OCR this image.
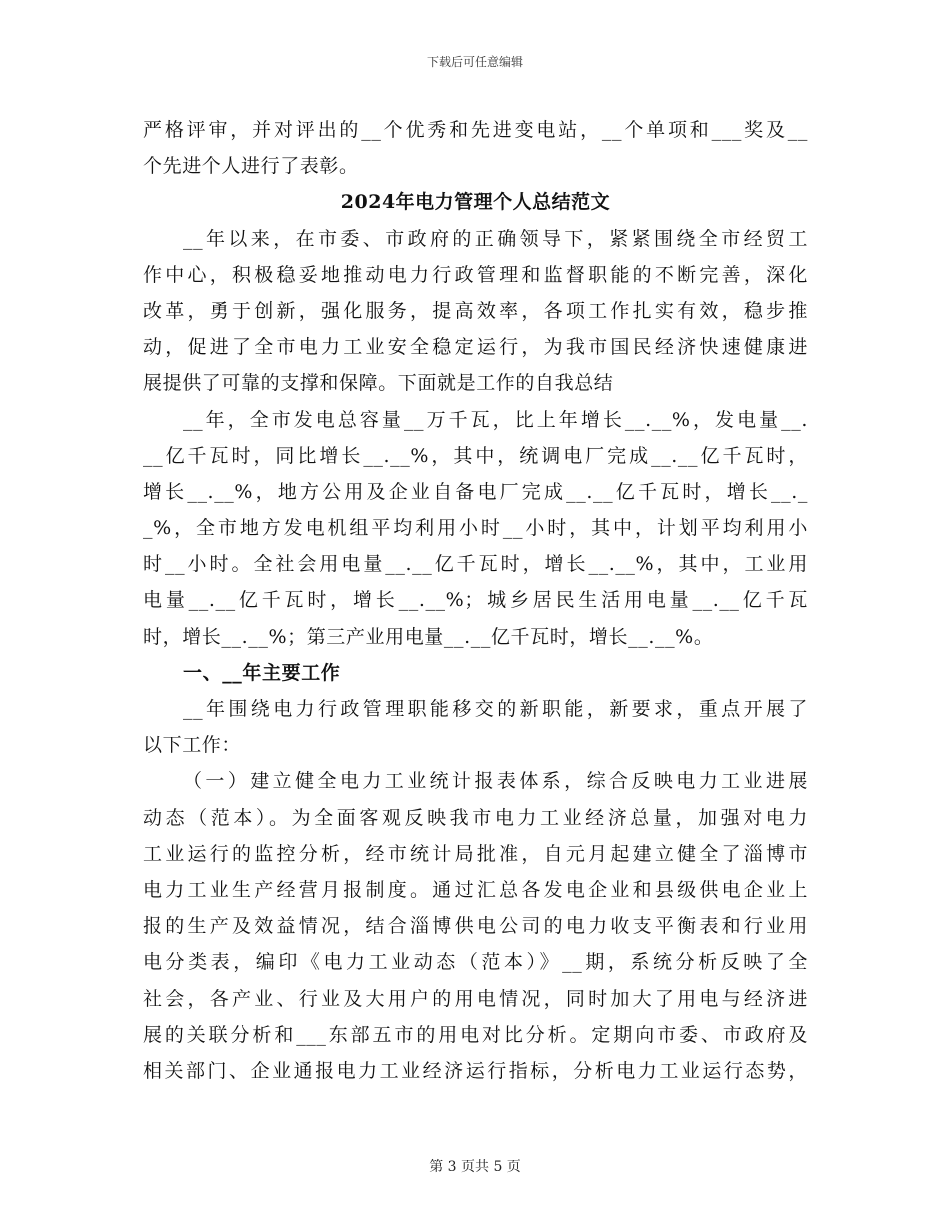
下载后可任意编辑
严格评审，并对评出的__个优秀和先进变电站，__个单项和___奖及__
个先进个人进行了表彰。
2024年电力管理个人总结范文
__年以来，在市委、市政府的正确领导下，紧紧围绕全市经贸工
作中心，积极稳妥地推动电力行政管理和监督职能的不断完善，深化
改革，勇于创新，强化服务，提高效率，各项工作扎实有效，稳步推
动，促进了全市电力工业安全稳定运行，为我市国民经济快速健康进
展提供了可靠的支撑和保障。下面就是工作的自我总结
__年，全市发电总容量__万千瓦，比上年增长__.__%，发电量__.
__亿千瓦时，同比增长__.__%，其中，统调电厂完成__.__亿千瓦时，
增长__.__%，地方公用及企业自备电厂完成__.__亿千瓦时，增长__._
_%，全市地方发电机组平均利用小时__小时，其中，计划平均利用小
时__小时。全社会用电量__.__亿千瓦时，增长__.__%，其中，工业用
电量__.__亿千瓦时，增长__.__%；城乡居民生活用电量__.__亿千瓦
时，增长__.__%；第三产业用电量__.__亿千瓦时，增长__.__%。
一、__年主要工作
__年围绕电力行政管理职能移交的新职能，新要求，重点开展了
以下工作：
（一）建立健全电力工业统计报表体系，综合反映电力工业进展
动态（范本）。为全面客观反映我市电力工业经济总量，加强对电力
工业运行的监控分析，经市统计局批准，自元月起建立健全了淄博市
电力工业生产经营月报制度。通过汇总各发电企业和县级供电企业上
报的生产及效益情况，结合淄博供电公司的电力收支平衡表和行业用
电分类表，编印《电力工业动态（范本）》__期，系统分析反映了全
社会，各产业、行业及大用户的用电情况，同时加大了用电与经济进
展的关联分析和___东部五市的用电对比分析。定期向市委、市政府及
相关部门、企业通报电力工业经济运行指标，分析电力工业运行态势，
第 3 页共 5 页
